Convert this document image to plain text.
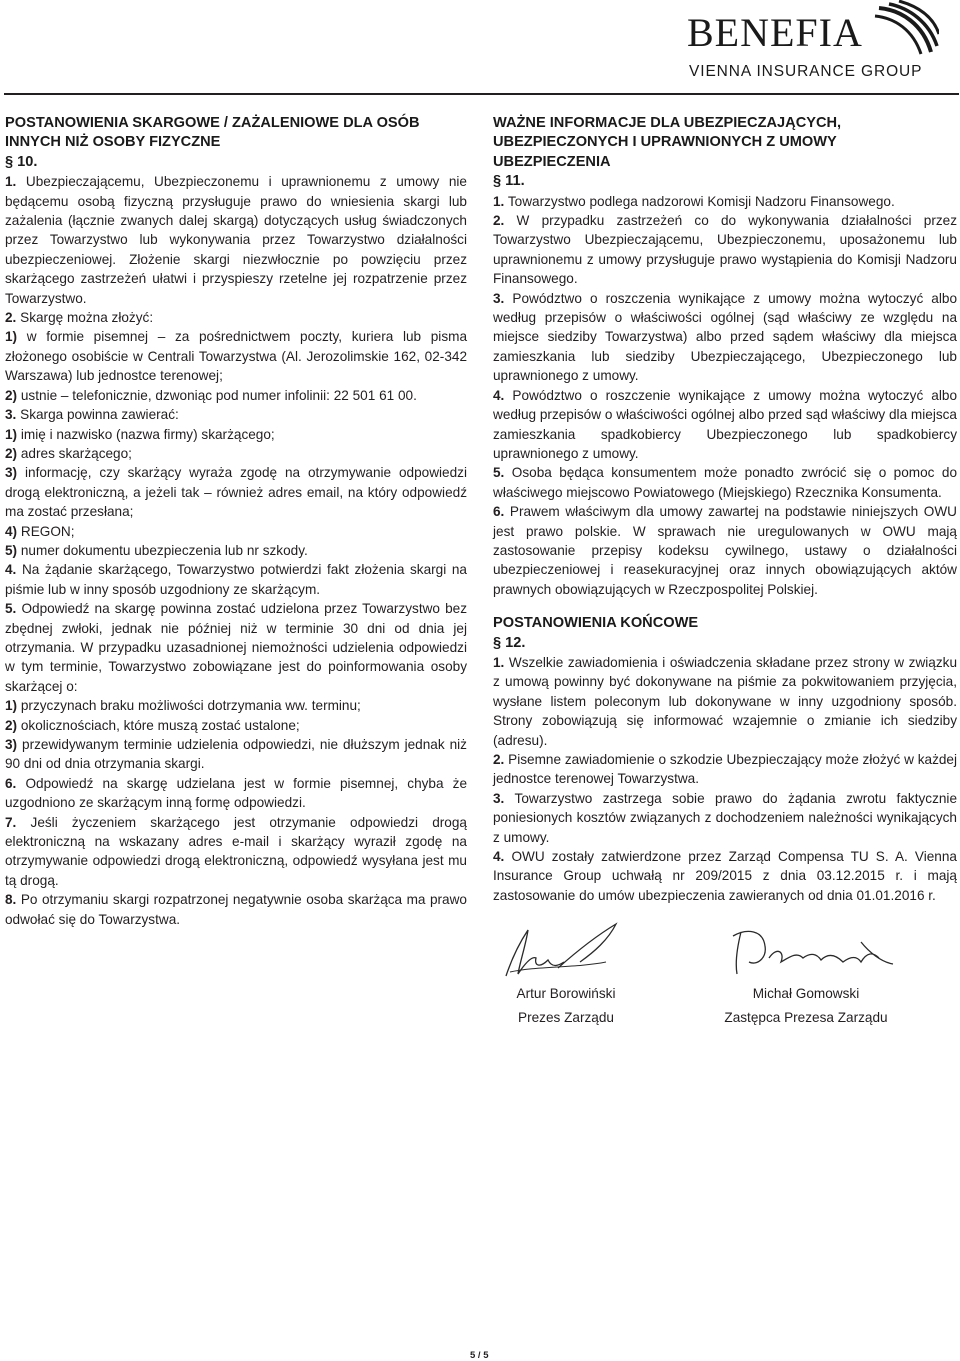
BENEFIA
VIENNA INSURANCE GROUP

POSTANOWIENIA SKARGOWE / ZAŻALENIOWE DLA OSÓB INNYCH NIŻ OSOBY FIZYCZNE

§ 10.

1. Ubezpieczającemu, Ubezpieczonemu i uprawnionemu z umowy nie będącemu osobą fizyczną przysługuje prawo do wniesienia skargi lub zażalenia (łącznie zwanych dalej skargą) dotyczących usług świadczonych przez Towarzystwo lub wykonywania przez Towarzystwo działalności ubezpieczeniowej. Złożenie skargi niezwłocznie po powzięciu przez skarżącego zastrzeżeń ułatwi i przyspieszy rzetelne jej rozpatrzenie przez Towarzystwo.

2. Skargę można złożyć:

1) w formie pisemnej – za pośrednictwem poczty, kuriera lub pisma złożonego osobiście w Centrali Towarzystwa (Al. Jerozolimskie 162, 02-342 Warszawa) lub jednostce terenowej;

2) ustnie – telefonicznie, dzwoniąc pod numer infolinii: 22 501 61 00.

3. Skarga powinna zawierać:

1) imię i nazwisko (nazwa firmy) skarżącego;

2) adres skarżącego;

3) informację, czy skarżący wyraża zgodę na otrzymywanie odpowiedzi drogą elektroniczną, a jeżeli tak – również adres email, na który odpowiedź ma zostać przesłana;

4) REGON;

5) numer dokumentu ubezpieczenia lub nr szkody.

4. Na żądanie skarżącego, Towarzystwo potwierdzi fakt złożenia skargi na piśmie lub w inny sposób uzgodniony ze skarżącym.

5. Odpowiedź na skargę powinna zostać udzielona przez Towarzystwo bez zbędnej zwłoki, jednak nie później niż w terminie 30 dni od dnia jej otrzymania. W przypadku uzasadnionej niemożności udzielenia odpowiedzi w tym terminie, Towarzystwo zobowiązane jest do poinformowania osoby skarżącej o:

1) przyczynach braku możliwości dotrzymania ww. terminu;

2) okolicznościach, które muszą zostać ustalone;

3) przewidywanym terminie udzielenia odpowiedzi, nie dłuższym jednak niż 90 dni od dnia otrzymania skargi.

6. Odpowiedź na skargę udzielana jest w formie pisemnej, chyba że uzgodniono ze skarżącym inną formę odpowiedzi.

7. Jeśli życzeniem skarżącego jest otrzymanie odpowiedzi drogą elektroniczną na wskazany adres e-mail i skarżący wyraził zgodę na otrzymywanie odpowiedzi drogą elektroniczną, odpowiedź wysyłana jest mu tą drogą.

8. Po otrzymaniu skargi rozpatrzonej negatywnie osoba skarżąca ma prawo odwołać się do Towarzystwa.

WAŻNE INFORMACJE DLA UBEZPIECZAJĄCYCH, UBEZPIECZONYCH I UPRAWNIONYCH Z UMOWY UBEZPIECZENIA

§ 11.

1. Towarzystwo podlega nadzorowi Komisji Nadzoru Finansowego.

2. W przypadku zastrzeżeń co do wykonywania działalności przez Towarzystwo Ubezpieczającemu, Ubezpieczonemu, uposażonemu lub uprawnionemu z umowy przysługuje prawo wystąpienia do Komisji Nadzoru Finansowego.

3. Powództwo o roszczenia wynikające z umowy można wytoczyć albo według przepisów o właściwości ogólnej (sąd właściwy ze względu na miejsce siedziby Towarzystwa) albo przed sądem właściwy dla miejsca zamieszkania lub siedziby Ubezpieczającego, Ubezpieczonego lub uprawnionego z umowy.

4. Powództwo o roszczenie wynikające z umowy można wytoczyć albo według przepisów o właściwości ogólnej albo przed sąd właściwy dla miejsca zamieszkania spadkobiercy Ubezpieczonego lub spadkobiercy uprawnionego z umowy.

5. Osoba będąca konsumentem może ponadto zwrócić się o pomoc do właściwego miejscowo Powiatowego (Miejskiego) Rzecznika Konsumenta.

6. Prawem właściwym dla umowy zawartej na podstawie niniejszych OWU jest prawo polskie. W sprawach nie uregulowanych w OWU mają zastosowanie przepisy kodeksu cywilnego, ustawy o działalności ubezpieczeniowej i reasekuracyjnej oraz innych obowiązujących aktów prawnych obowiązujących w Rzeczpospolitej Polskiej.

POSTANOWIENIA KOŃCOWE

§ 12.

1. Wszelkie zawiadomienia i oświadczenia składane przez strony w związku z umową powinny być dokonywane na piśmie za pokwitowaniem przyjęcia, wysłane listem poleconym lub dokonywane w inny uzgodniony sposób. Strony zobowiązują się informować wzajemnie o zmianie ich siedziby (adresu).

2. Pisemne zawiadomienie o szkodzie Ubezpieczający może złożyć w każdej jednostce terenowej Towarzystwa.

3. Towarzystwo zastrzega sobie prawo do żądania zwrotu faktycznie poniesionych kosztów związanych z dochodzeniem należności wynikających z umowy.

4. OWU zostały zatwierdzone przez Zarząd Compensa TU S. A. Vienna Insurance Group uchwałą nr 209/2015 z dnia 03.12.2015 r. i mają zastosowanie do umów ubezpieczenia zawieranych od dnia 01.01.2016 r.

Artur Borowiński
Prezes Zarządu
Michał Gomowski
Zastępca Prezesa Zarządu
5 / 5
